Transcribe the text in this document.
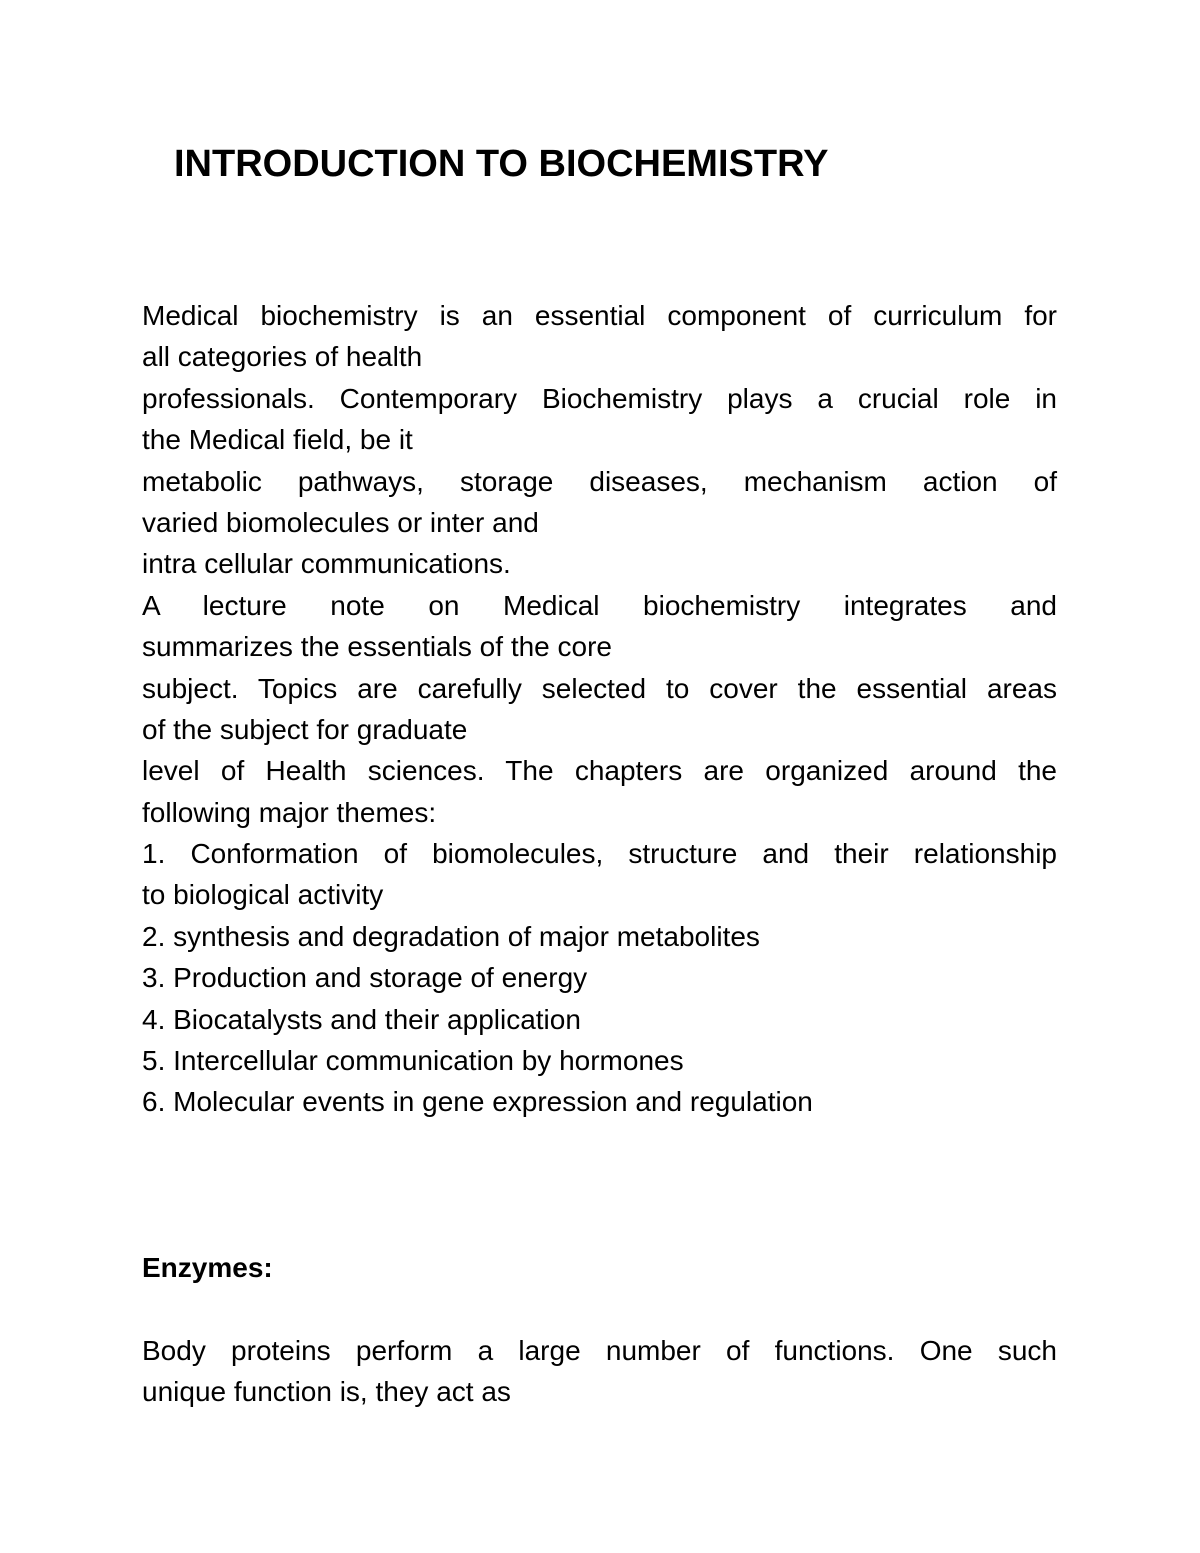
INTRODUCTION TO BIOCHEMISTRY
Medical biochemistry is an essential component of curriculum for
all categories of health
professionals. Contemporary Biochemistry plays a crucial role in
the Medical field, be it
metabolic pathways, storage diseases, mechanism action of
varied biomolecules or inter and
intra cellular communications.
A lecture note on Medical biochemistry integrates and
summarizes the essentials of the core
subject. Topics are carefully selected to cover the essential areas
of the subject for graduate
level of Health sciences. The chapters are organized around the
following major themes:
1. Conformation of biomolecules, structure and their relationship
to biological activity
2. synthesis and degradation of major metabolites
3. Production and storage of energy
4. Biocatalysts and their application
5. Intercellular communication by hormones
6. Molecular events in gene expression and regulation
Enzymes:
Body proteins perform a large number of functions. One such
unique function is, they act as
